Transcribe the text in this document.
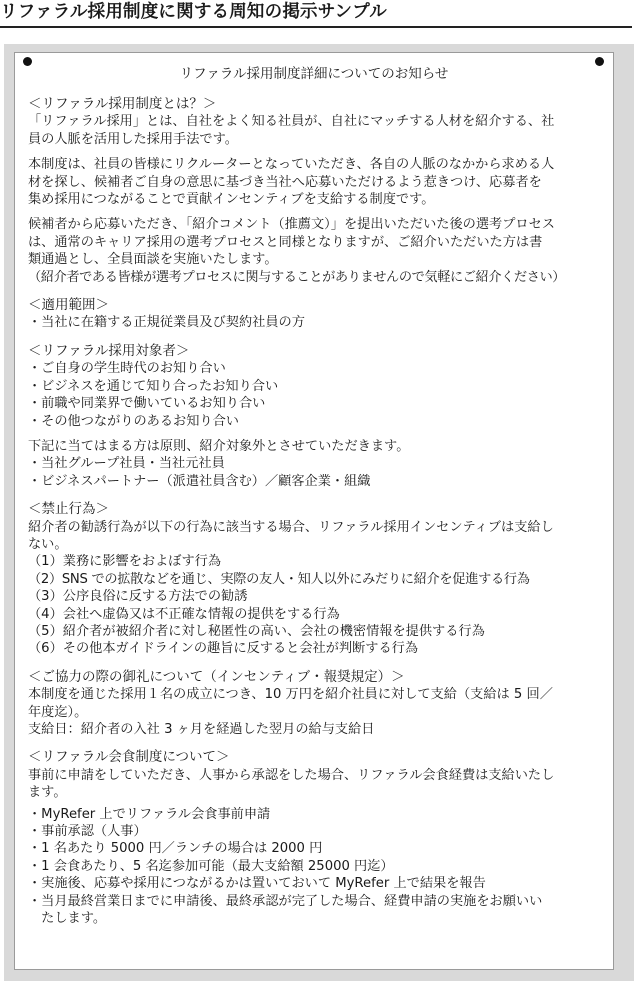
リファラル採用制度に関する周知の掲示サンプル
リファラル採用制度詳細についてのお知らせ
＜リファラル採用制度とは？＞
「リファラル採用」とは、自社をよく知る社員が、自社にマッチする人材を紹介する、社
員の人脈を活用した採用手法です。
本制度は、社員の皆様にリクルーターとなっていただき、各自の人脈のなかから求める人
材を探し、候補者ご自身の意思に基づき当社へ応募いただけるよう惹きつけ、応募者を
集め採用につながることで貢献インセンティブを支給する制度です。
候補者から応募いただき、「紹介コメント（推薦文）」を提出いただいた後の選考プロセス
は、通常のキャリア採用の選考プロセスと同様となりますが、ご紹介いただいた方は書
類通過とし、全員面談を実施いたします。
（紹介者である皆様が選考プロセスに関与することがありませんので気軽にご紹介ください）
＜適用範囲＞
・当社に在籍する正規従業員及び契約社員の方
＜リファラル採用対象者＞
・ご自身の学生時代のお知り合い
・ビジネスを通じて知り合ったお知り合い
・前職や同業界で働いているお知り合い
・その他つながりのあるお知り合い
下記に当てはまる方は原則、紹介対象外とさせていただきます。
・当社グループ社員・当社元社員
・ビジネスパートナー（派遣社員含む）／顧客企業・組織
＜禁止行為＞
紹介者の勧誘行為が以下の行為に該当する場合、リファラル採用インセンティブは支給し
ない。
（1）業務に影響をおよぼす行為
（2）SNS での拡散などを通じ、実際の友人・知人以外にみだりに紹介を促進する行為
（3）公序良俗に反する方法での勧誘
（4）会社へ虚偽又は不正確な情報の提供をする行為
（5）紹介者が被紹介者に対し秘匿性の高い、会社の機密情報を提供する行為
（6）その他本ガイドラインの趣旨に反すると会社が判断する行為
＜ご協力の際の御礼について（インセンティブ・報奨規定）＞
本制度を通じた採用１名の成立につき、10 万円を紹介社員に対して支給（支給は 5 回／
年度迄）。
支給日：紹介者の入社 3 ヶ月を経過した翌月の給与支給日
＜リファラル会食制度について＞
事前に申請をしていただき、人事から承認をした場合、リファラル会食経費は支給いたし
ます。
・MyRefer 上でリファラル会食事前申請
・事前承認（人事）
・1 名あたり 5000 円／ランチの場合は 2000 円
・1 会食あたり、5 名迄参加可能（最大支給額 25000 円迄）
・実施後、応募や採用につながるかは置いておいて MyRefer 上で結果を報告
・当月最終営業日までに申請後、最終承認が完了した場合、経費申請の実施をお願いい
　たします。
